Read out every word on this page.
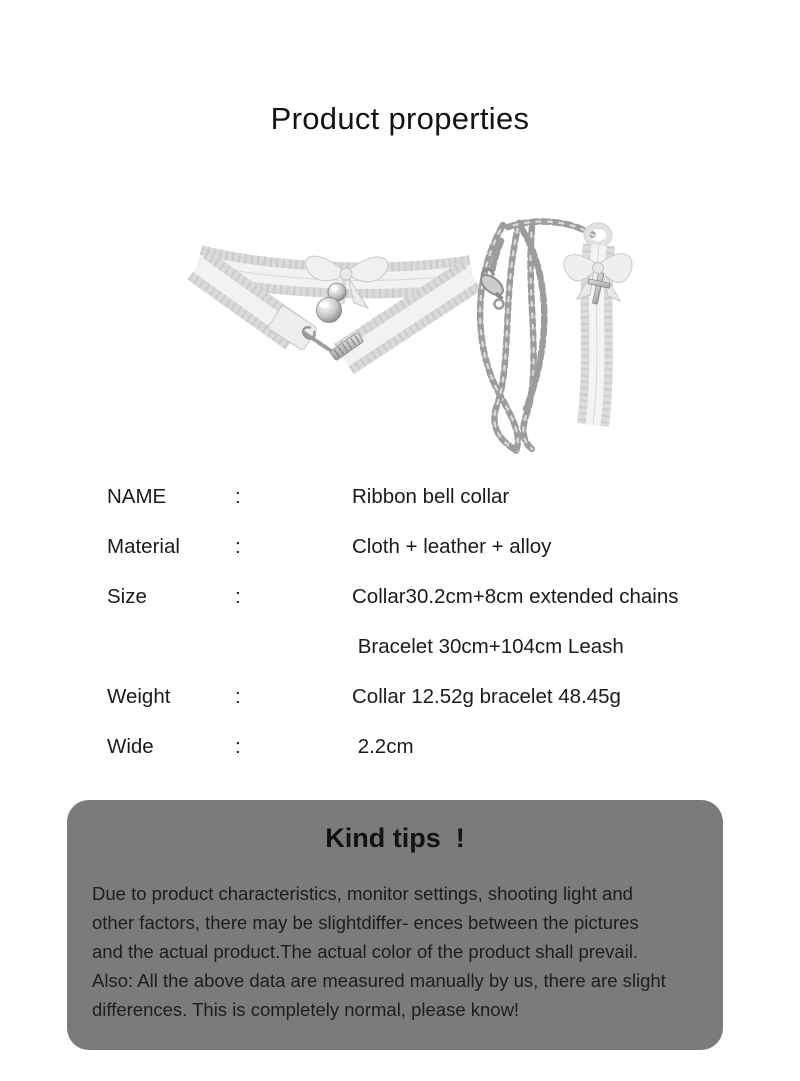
Product properties
NAME	:	Ribbon bell collar
Material	:	Cloth + leather + alloy
Size	:	Collar30.2cm+8cm extended chains
Bracelet 30cm+104cm Leash
Weight	:	Collar 12.52g bracelet 48.45g
Wide	:	2.2cm
Kind tips  !
Due to product characteristics, monitor settings, shooting light and
other factors, there may be slightdiffer- ences between the pictures
and the actual product.The actual color of the product shall prevail.
Also: All the above data are measured manually by us, there are slight
differences. This is completely normal, please know!
